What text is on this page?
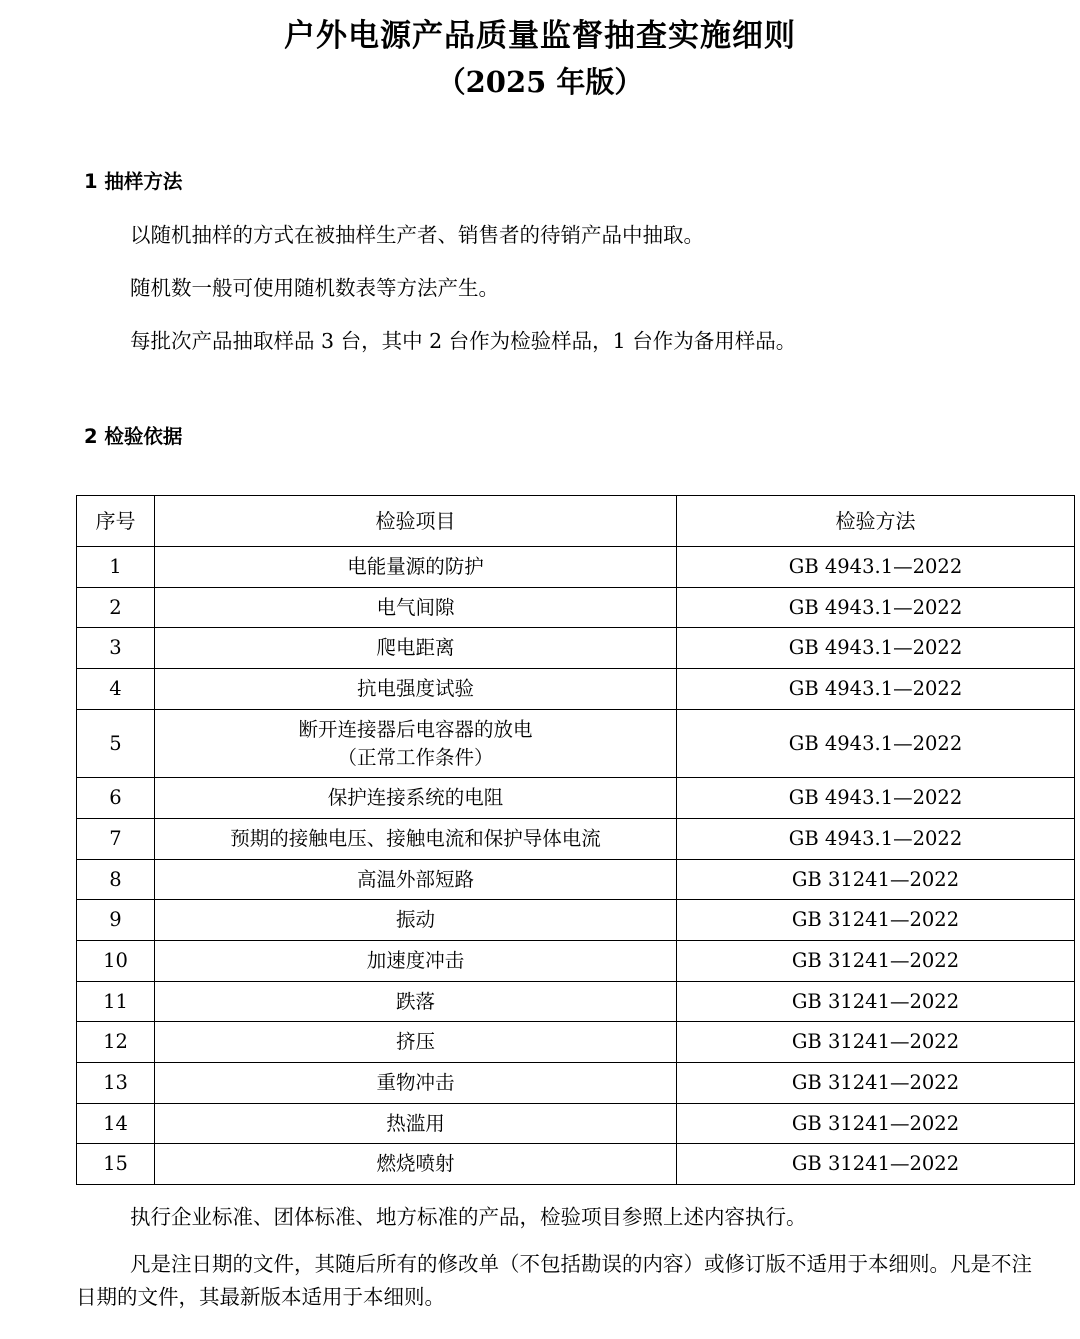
户外电源产品质量监督抽查实施细则
（2025 年版）
1 抽样方法

以随机抽样的方式在被抽样生产者、销售者的待销产品中抽取。

随机数一般可使用随机数表等方法产生。

每批次产品抽取样品 3 台，其中 2 台作为检验样品，1 台作为备用样品。

2 检验依据
序号	检验项目	检验方法
1	电能量源的防护	GB 4943.1—2022
2	电气间隙	GB 4943.1—2022
3	爬电距离	GB 4943.1—2022
4	抗电强度试验	GB 4943.1—2022
5	断开连接器后电容器的放电
（正常工作条件）	GB 4943.1—2022
6	保护连接系统的电阻	GB 4943.1—2022
7	预期的接触电压、接触电流和保护导体电流	GB 4943.1—2022
8	高温外部短路	GB 31241—2022
9	振动	GB 31241—2022
10	加速度冲击	GB 31241—2022
11	跌落	GB 31241—2022
12	挤压	GB 31241—2022
13	重物冲击	GB 31241—2022
14	热滥用	GB 31241—2022
15	燃烧喷射	GB 31241—2022

执行企业标准、团体标准、地方标准的产品，检验项目参照上述内容执行。

凡是注日期的文件，其随后所有的修改单（不包括勘误的内容）或修订版不适用于本细则。凡是不注日期的文件，其最新版本适用于本细则。
